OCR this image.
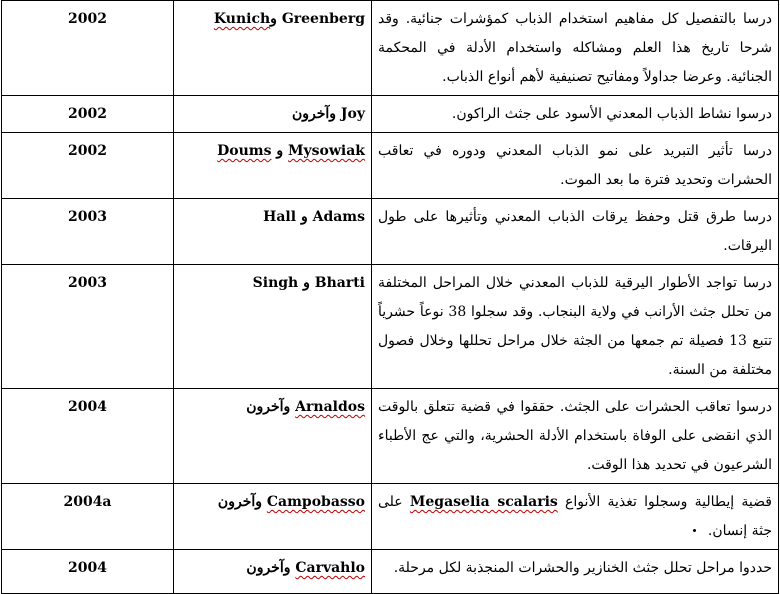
درسا بالتفصيل كل مفاهيم استخدام الذباب كمؤشرات جنائية. وقد شرحا تاريخ هذا العلم ومشاكله واستخدام الأدلة في المحكمة الجنائية. وعرضا جداولاً ومفاتيح تصنيفية لأهم أنواع الذباب.	Kunichو Greenberg	2002
درسوا نشاط الذباب المعدني الأسود على جثث الراكون.	Joy وآخرون	2002
درسا تأثير التبريد على نمو الذباب المعدني ودوره في تعاقب الحشرات وتحديد فترة ما بعد الموت.	Doums و Mysowiak	2002
درسا طرق قتل وحفظ يرقات الذباب المعدني وتأثيرها على طول اليرقات.	Hall و Adams	2003
درسا تواجد الأطوار اليرقية للذباب المعدني خلال المراحل المختلفة من تحلل جثث الأرانب في ولاية البنجاب. وقد سجلوا 38 نوعاً حشرياً تتبع 13 فصيلة تم جمعها من الجثة خلال مراحل تحللها وخلال فصول مختلفة من السنة.	Singh و Bharti	2003
درسوا تعاقب الحشرات على الجثث. حققوا في قضية تتعلق بالوقت الذي انقضى على الوفاة باستخدام الأدلة الحشرية، والتي عج الأطباء الشرعيون في تحديد هذا الوقت.	Arnaldos وآخرون	2004
قضية إيطالية وسجلوا تغذية الأنواع Megaselia scalaris على جثة إنسان.	Campobasso وآخرون	2004a
حددوا مراحل تحلل جثث الخنازير والحشرات المنجذبة لكل مرحلة.	Carvahlo وآخرون	2004
